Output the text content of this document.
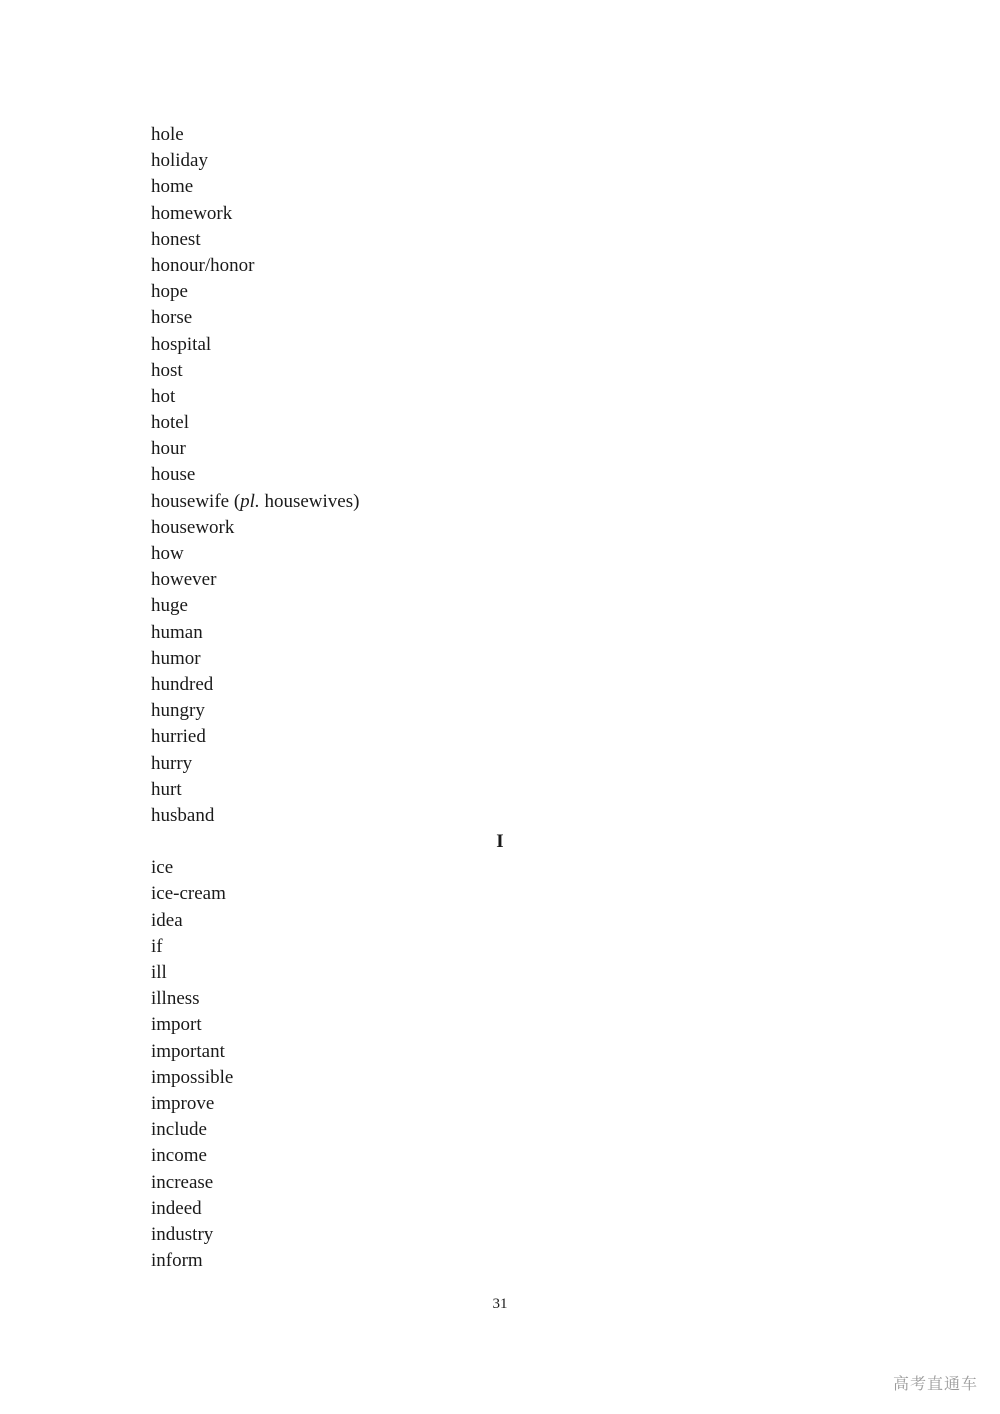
hole
holiday
home
homework
honest
honour/honor
hope
horse
hospital
host
hot
hotel
hour
house
housewife (pl. housewives)
housework
how
however
huge
human
humor
hundred
hungry
hurried
hurry
hurt
husband
I
ice
ice-cream
idea
if
ill
illness
import
important
impossible
improve
include
income
increase
indeed
industry
inform
31
高考直通车
